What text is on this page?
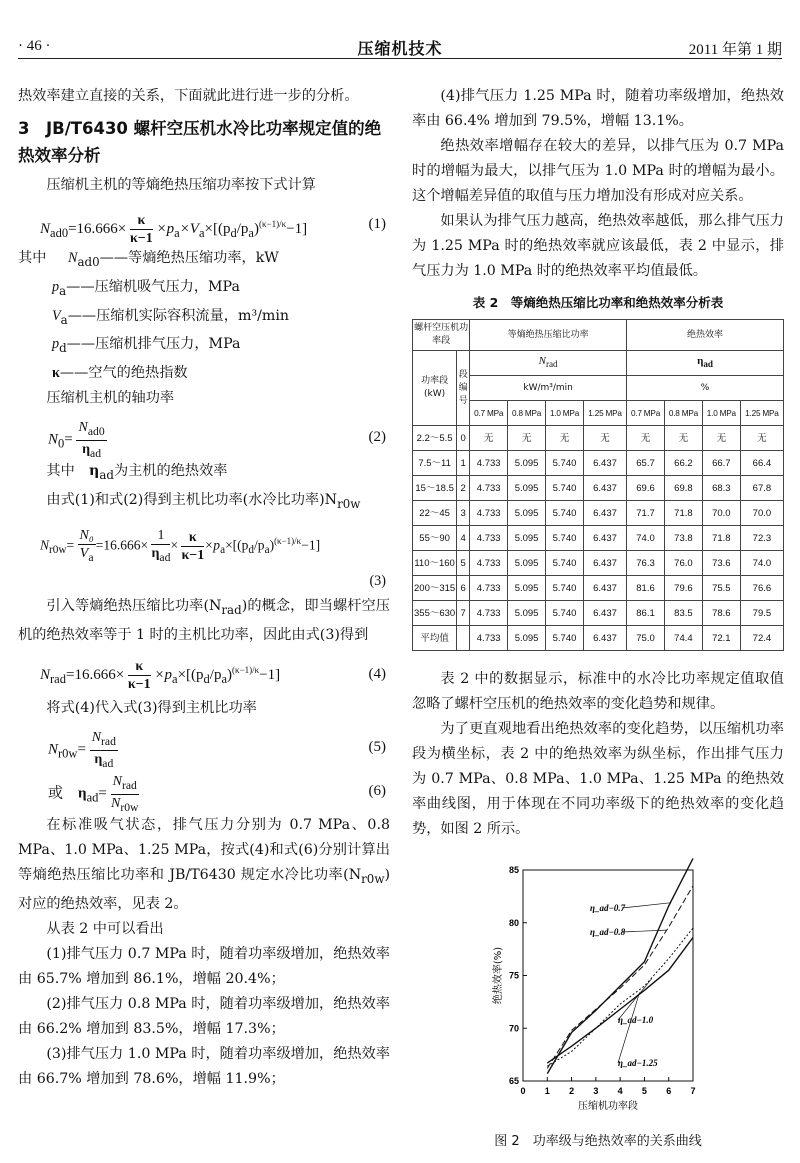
· 46 ·	压缩机技术	2011 年第 1 期

热效率建立直接的关系，下面就此进行进一步的分析。

3　JB/T6430 螺杆空压机水冷比功率规定值的绝热效率分析

压缩机主机的等熵绝热压缩功率按下式计算

$N_{ad0}=16.666\times \frac{\kappa}{\kappa-1} \times p_a\times V_a\times[(p_d/p_a)^{(\kappa-1)/\kappa}-1]$	(1)
其中	$N_{ad0}——$等熵绝热压缩功率，kW
$p_a——$压缩机吸气压力，MPa
$V_a——$压缩机实际容积流量，m³/min
$p_d——$压缩机排气压力，MPa
κ——空气的绝热指数

压缩机主机的轴功率

$N_0= \frac{N_{ad0}}{\eta_{ad}}$	(2)

其中　 $\eta_{ad}$为主机的绝热效率

由式(1)和式(2)得到主机比功率(水冷比功率)$N_{r0w}$

$N_{r0w}= \frac{\text{N₀}}{V_a} =16.666\times \frac{1}{\eta_{ad}} \times \frac{\kappa}{\kappa-1} \times p_a\times[(p_d/p_a)^{(\kappa-1)/\kappa}-1]$
(3)

引入等熵绝热压缩比功率$(N_{rad})$的概念，即当螺杆空压机的绝热效率等于 1 时的主机比功率，因此由式(3)得到

$N_{rad}=16.666\times \frac{\kappa}{\kappa-1} \times p_a\times[(p_d/p_a)^{(\kappa-1)/\kappa}-1]$	(4)

将式(4)代入式(3)得到主机比功率

$N_{r0w}= \frac{N_{rad}}{\eta_{ad}}$	(5)
或　 $\eta_{ad}= \frac{N_{rad}}{N_{r0w}}$	(6)

在标准吸气状态，排气压力分别为 0.7 MPa、0.8 MPa、1.0 MPa、1.25 MPa，按式(4)和式(6)分别计算出等熵绝热压缩比功率和 JB/T6430 规定水冷比功率$(N_{r0w})$对应的绝热效率，见表 2。

从表 2 中可以看出

(1)排气压力 0.7 MPa 时，随着功率级增加，绝热效率由 65.7% 增加到 86.1%，增幅 20.4%；

(2)排气压力 0.8 MPa 时，随着功率级增加，绝热效率由 66.2% 增加到 83.5%，增幅 17.3%；

(3)排气压力 1.0 MPa 时，随着功率级增加，绝热效率由 66.7% 增加到 78.6%，增幅 11.9%；

(4)排气压力 1.25 MPa 时，随着功率级增加，绝热效率由 66.4% 增加到 79.5%，增幅 13.1%。

绝热效率增幅存在较大的差异，以排气压为 0.7 MPa 时的增幅为最大，以排气压为 1.0 MPa 时的增幅为最小。这个增幅差异值的取值与压力增加没有形成对应关系。

如果认为排气压力越高，绝热效率越低，那么排气压力为 1.25 MPa 时的绝热效率就应该最低，表 2 中显示，排气压力为 1.0 MPa 时的绝热效率平均值最低。

表 2　等熵绝热压缩比功率和绝热效率分析表
螺杆空压机功率段		等熵绝热压缩比功率				绝热效率			
功率段(kW)	段编号	$N_{rad}$				$\eta_{ad}$
		kW/m³/min				%			
		0.7 MPa	0.8 MPa	1.0 MPa	1.25 MPa	0.7 MPa	0.8 MPa	1.0 MPa	1.25 MPa
2.2～5.5	0	无	无	无	无	无	无	无	无
7.5～11	1	4.733	5.095	5.740	6.437	65.7	66.2	66.7	66.4
15～18.5	2	4.733	5.095	5.740	6.437	69.6	69.8	68.3	67.8
22～45	3	4.733	5.095	5.740	6.437	71.7	71.8	70.0	70.0
55～90	4	4.733	5.095	5.740	6.437	74.0	73.8	71.8	72.3
110～160	5	4.733	5.095	5.740	6.437	76.3	76.0	73.6	74.0
200～315	6	4.733	5.095	5.740	6.437	81.6	79.6	75.5	76.6
355～630	7	4.733	5.095	5.740	6.437	86.1	83.5	78.6	79.5
平均值		4.733	5.095	5.740	6.437	75.0	74.4	72.1	72.4

表 2 中的数据显示，标准中的水冷比功率规定值取值忽略了螺杆空压机的绝热效率的变化趋势和规律。

为了更直观地看出绝热效率的变化趋势，以压缩机功率段为横坐标，表 2 中的绝热效率为纵坐标，作出排气压力为 0.7 MPa、0.8 MPa、1.0 MPa、1.25 MPa 的绝热效率曲线图，用于体现在不同功率级下的绝热效率的变化趋势，如图 2 所示。

0 1 2 3 4 5 6 7
65
70
75
80
85
压缩机功率段
绝热效率(%)
η_ad−0.7
η_ad−0.8
η_ad−1.0
η_ad−1.25
图 2　功率级与绝热效率的关系曲线
